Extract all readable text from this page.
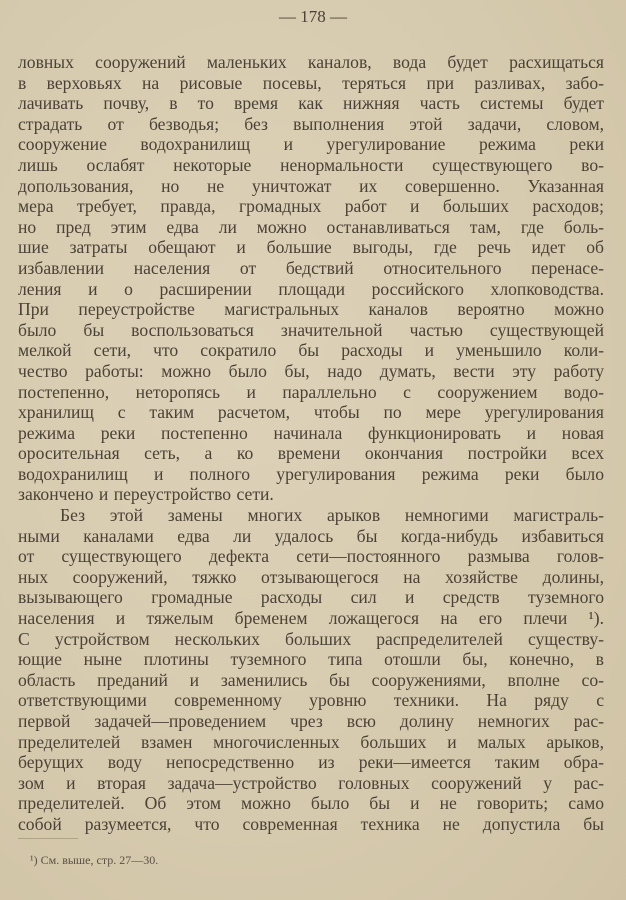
— 178 —
ловных сооружений маленьких каналов, вода будет расхищаться
в верховьях на рисовые посевы, теряться при разливах, забо-
лачивать почву, в то время как нижняя часть системы будет
страдать от безводья; без выполнения этой задачи, словом,
сооружение водохранилищ и урегулирование режима реки
лишь ослабят некоторые ненормальности существующего во-
допользования, но не уничтожат их совершенно. Указанная
мера требует, правда, громадных работ и больших расходов;
но пред этим едва ли можно останавливаться там, где боль-
шие затраты обещают и большие выгоды, где речь идет об
избавлении населения от бедствий относительного перенасе-
ления и о расширении площади российского хлопководства.
При переустройстве магистральных каналов вероятно можно
было бы воспользоваться значительной частью существующей
мелкой сети, что сократило бы расходы и уменьшило коли-
чество работы: можно было бы, надо думать, вести эту работу
постепенно, неторопясь и параллельно с сооружением водо-
хранилищ с таким расчетом, чтобы по мере урегулирования
режима реки постепенно начинала функционировать и новая
оросительная сеть, а ко времени окончания постройки всех
водохранилищ и полного урегулирования режима реки было
закончено и переустройство сети.
Без этой замены многих арыков немногими магистраль-
ными каналами едва ли удалось бы когда-нибудь избавиться
от существующего дефекта сети—постоянного размыва голов-
ных сооружений, тяжко отзывающегося на хозяйстве долины,
вызывающего громадные расходы сил и средств туземного
населения и тяжелым бременем ложащегося на его плечи ¹).
С устройством нескольких больших распределителей существу-
ющие ныне плотины туземного типа отошли бы, конечно, в
область преданий и заменились бы сооружениями, вполне со-
ответствующими современному уровню техники. На ряду с
первой задачей—проведением чрез всю долину немногих рас-
пределителей взамен многочисленных больших и малых арыков,
берущих воду непосредственно из реки—имеется таким обра-
зом и вторая задача—устройство головных сооружений у рас-
пределителей. Об этом можно было бы и не говорить; само
собой разумеется, что современная техника не допустила бы
¹) См. выше, стр. 27—30.
